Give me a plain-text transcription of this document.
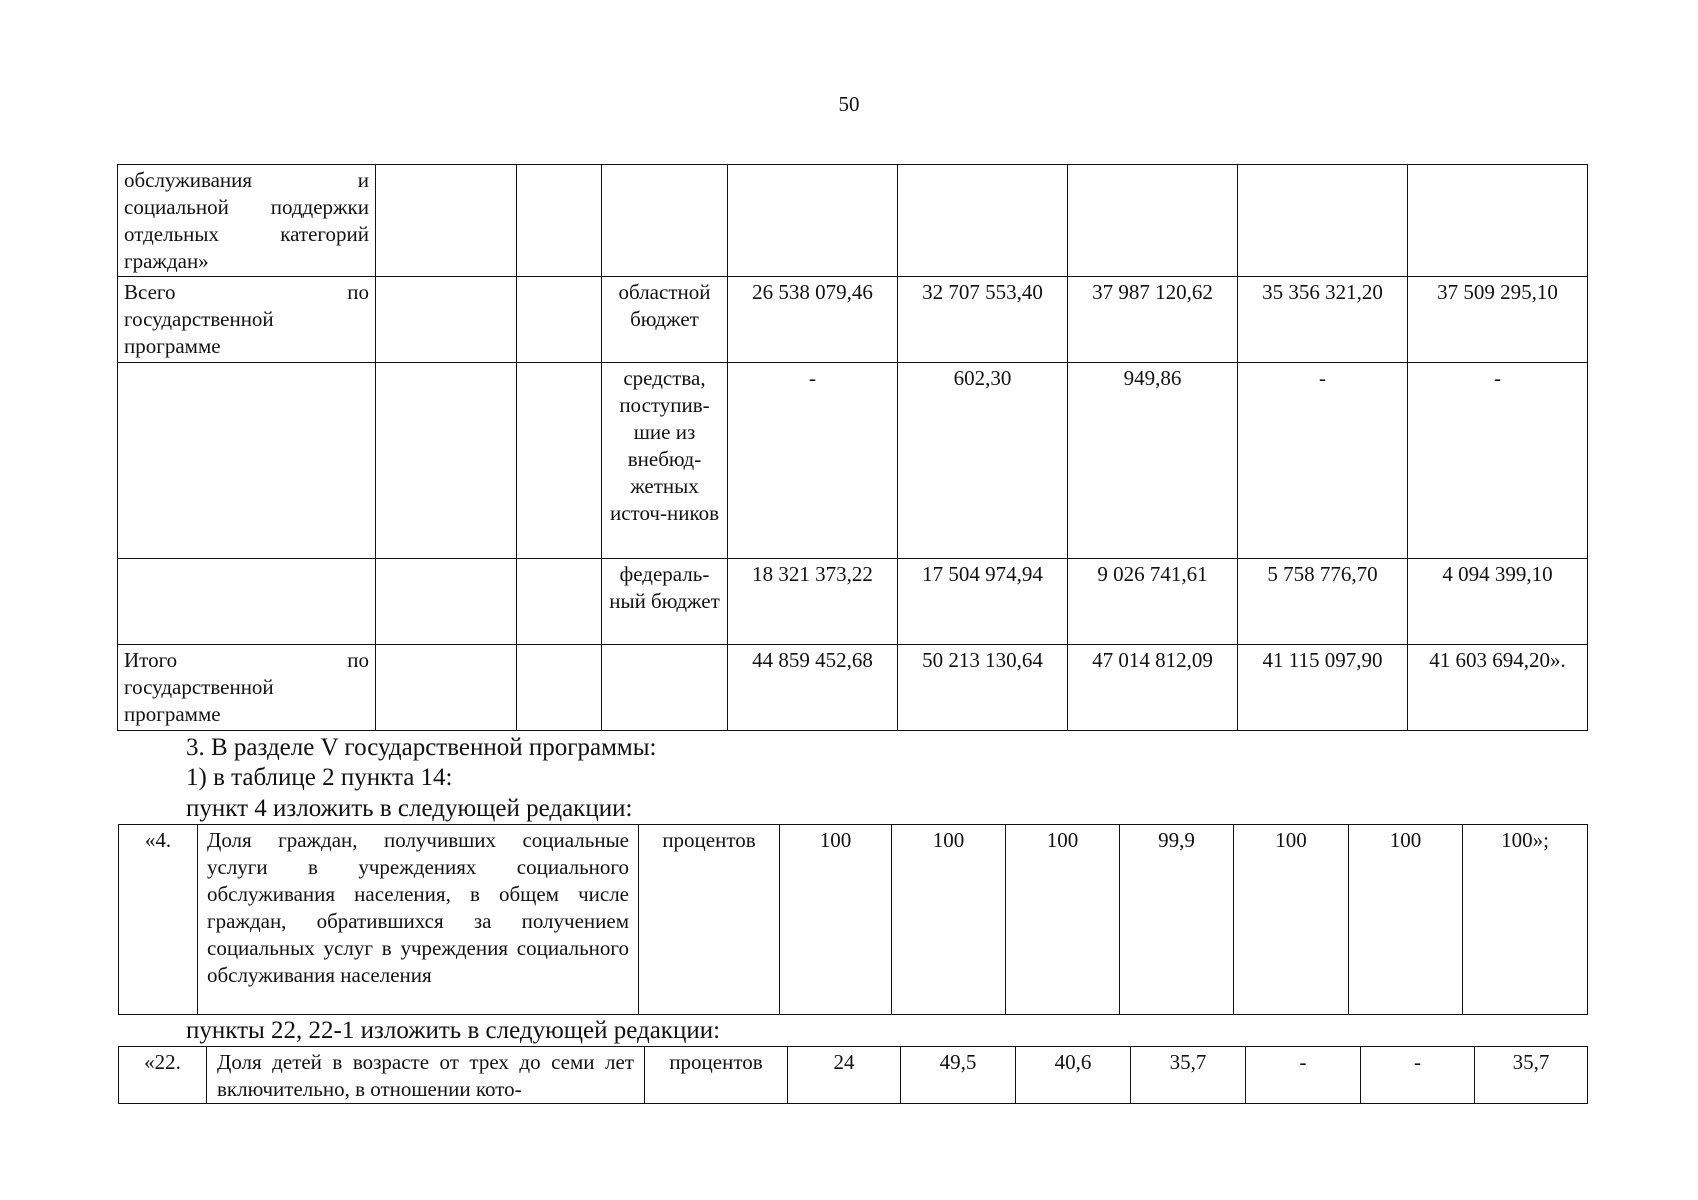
50
обслуживания и
социальной поддержки
отдельных категорий
граждан»								

Всего по
государственной программе			областной бюджет	26 538 079,46	32 707 553,40	37 987 120,62	35 356 321,20	37 509 295,10
			средства, поступив-шие из внебюд-жетных источ-ников	-	602,30	949,86	-	-
			федераль-ный бюджет	18 321 373,22	17 504 974,94	9 026 741,61	5 758 776,70	4 094 399,10

Итого по
государственной программе				44 859 452,68	50 213 130,64	47 014 812,09	41 115 097,90	41 603 694,20».
3. В разделе V государственной программы:
1) в таблице 2 пункта 14:
пункт 4 изложить в следующей редакции:
«4.	Доля граждан, получивших социальные услуги в учреждениях социального обслуживания населения, в общем числе граждан, обратившихся за получением социальных услуг в учреждения социального обслуживания населения	процентов	100	100	100	99,9	100	100	100»;
пункты 22, 22-1 изложить в следующей редакции:
«22.	Доля детей в возрасте от трех до семи лет включительно, в отношении кото-	процентов	24	49,5	40,6	35,7	-	-	35,7
